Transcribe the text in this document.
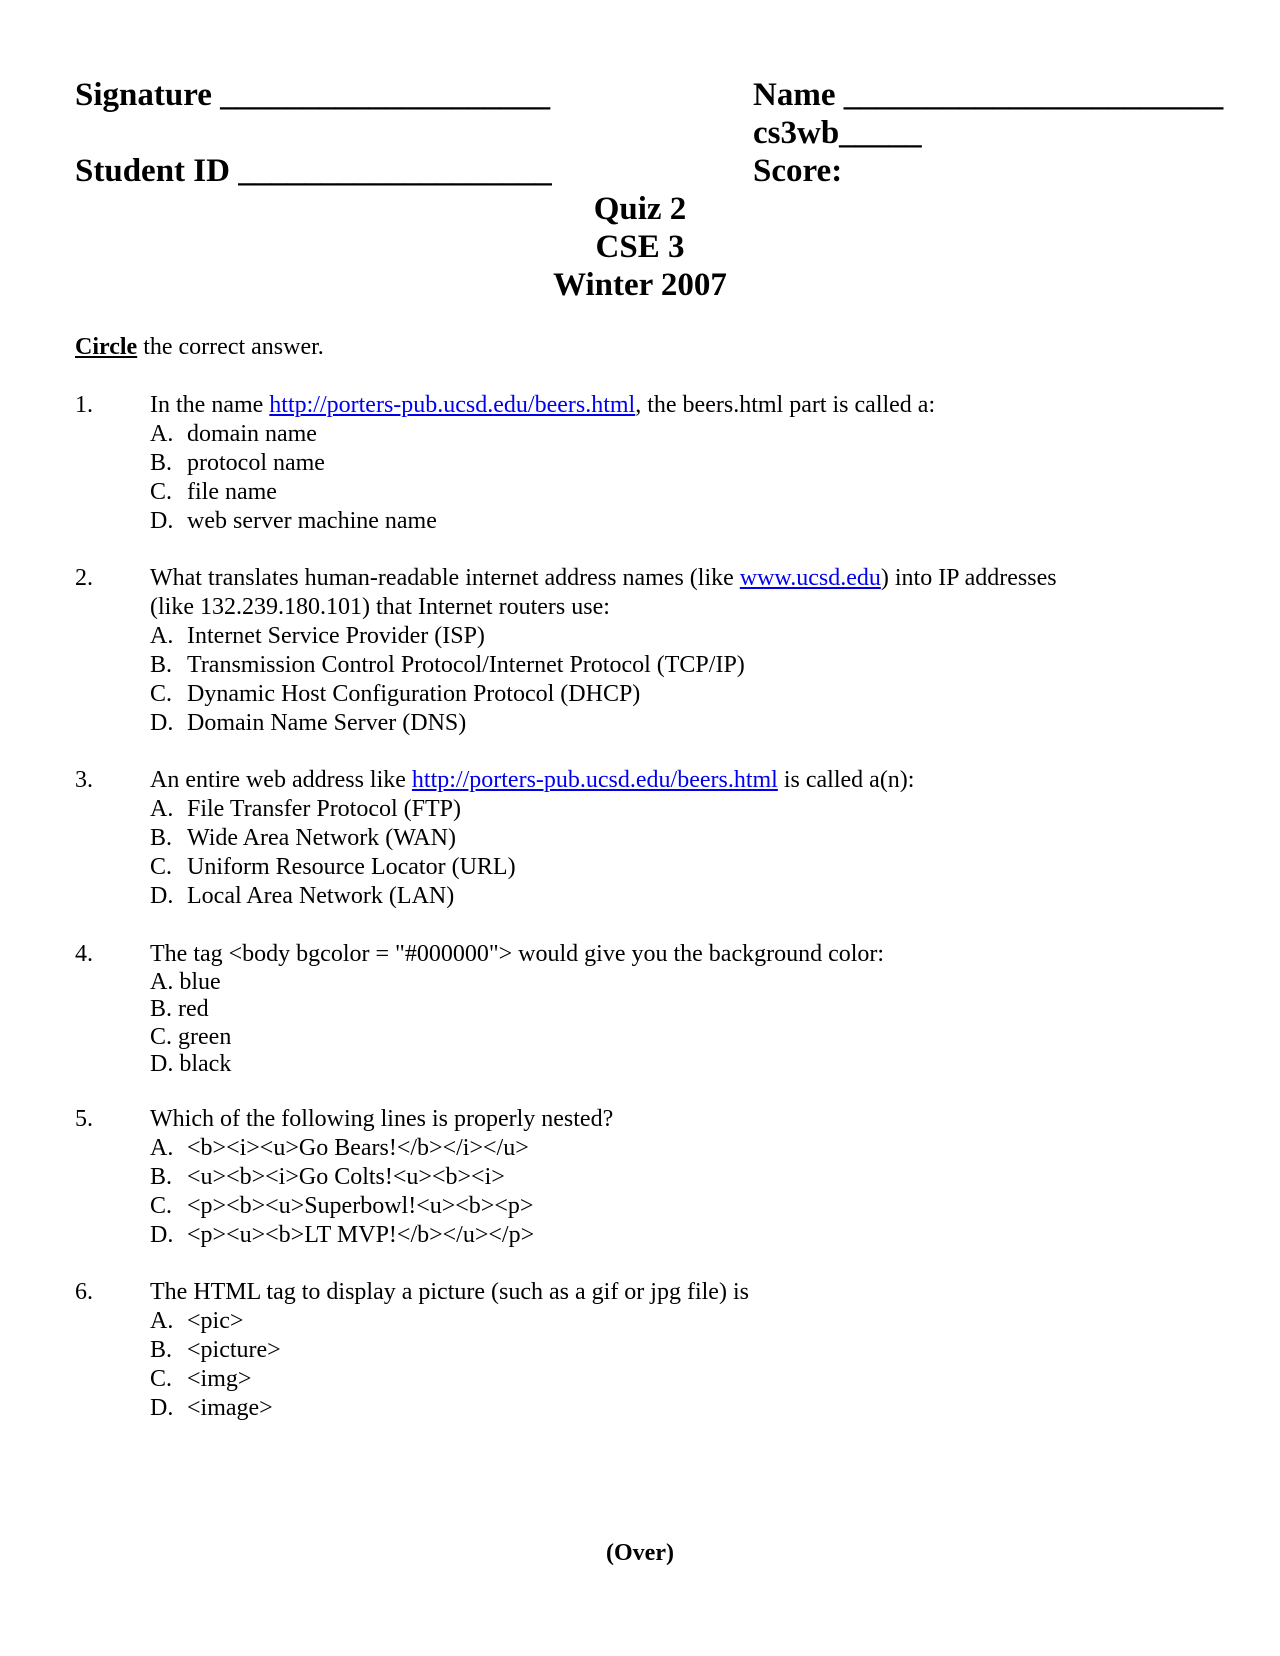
Signature ____________________	Name _______________________
cs3wb_____
Student ID ___________________	Score:
Quiz 2
CSE 3
Winter 2007
Circle the correct answer.
1. In the name http://porters-pub.ucsd.edu/beers.html, the beers.html part is called a:
A. domain name
B. protocol name
C. file name
D. web server machine name
2. What translates human-readable internet address names (like www.ucsd.edu) into IP addresses
(like 132.239.180.101) that Internet routers use:
A. Internet Service Provider (ISP)
B. Transmission Control Protocol/Internet Protocol (TCP/IP)
C. Dynamic Host Configuration Protocol (DHCP)
D. Domain Name Server (DNS)
3. An entire web address like http://porters-pub.ucsd.edu/beers.html is called a(n):
A. File Transfer Protocol (FTP)
B. Wide Area Network (WAN)
C. Uniform Resource Locator (URL)
D. Local Area Network (LAN)
4. The tag <body bgcolor = "#000000"> would give you the background color:
A. blue
B. red
C. green
D. black
5. Which of the following lines is properly nested?
A. <b><i><u>Go Bears!</b></i></u>
B. <u><b><i>Go Colts!<u><b><i>
C. <p><b><u>Superbowl!<u><b><p>
D. <p><u><b>LT MVP!</b></u></p>
6. The HTML tag to display a picture (such as a gif or jpg file) is
A. <pic>
B. <picture>
C. <img>
D. <image>
(Over)
